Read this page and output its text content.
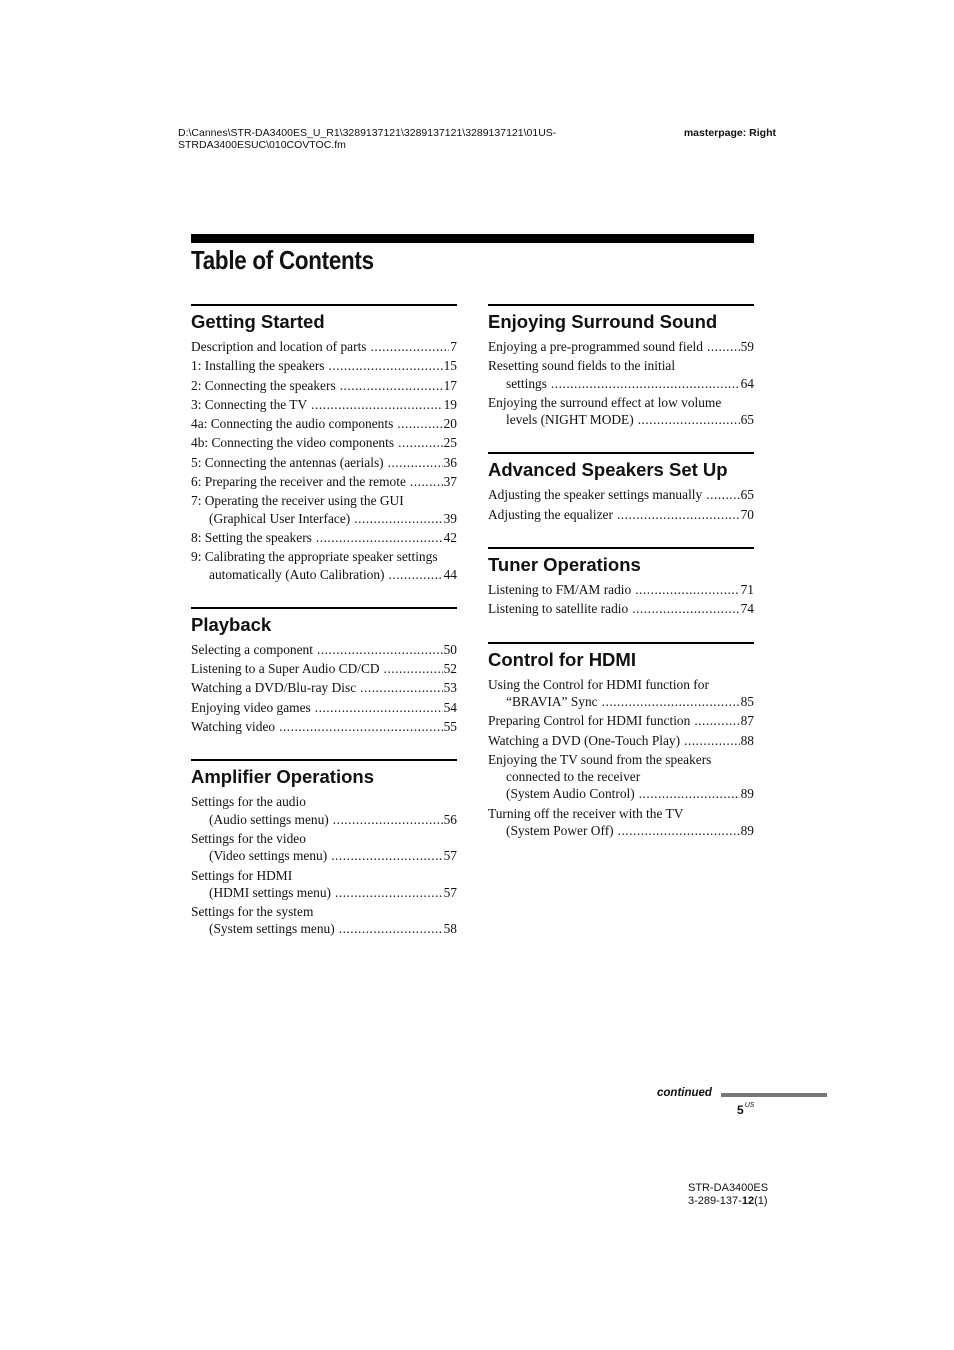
D:\Cannes\STR-DA3400ES_U_R1\3289137121\3289137121\3289137121\01US-
STRDA3400ESUC\010COVTOC.fm
masterpage: Right
Table of Contents
Getting Started
Description and location of parts .....	7
1: Installing the speakers .....	15
2: Connecting the speakers .....	17
3: Connecting the TV .....	19
4a: Connecting the audio components .....	20
4b: Connecting the video components .....	25
5: Connecting the antennas (aerials) .....	36
6: Preparing the receiver and the remote .....	37
7: Operating the receiver using the GUI
(Graphical User Interface) .....	39
8: Setting the speakers .....	42
9: Calibrating the appropriate speaker settings
automatically (Auto Calibration) .....	44
Playback
Selecting a component .....	50
Listening to a Super Audio CD/CD .....	52
Watching a DVD/Blu-ray Disc .....	53
Enjoying video games .....	54
Watching video .....	55
Amplifier Operations
Settings for the audio
(Audio settings menu) .....	56
Settings for the video
(Video settings menu) .....	57
Settings for HDMI
(HDMI settings menu) .....	57
Settings for the system
(System settings menu) .....	58
Enjoying Surround Sound
Enjoying a pre-programmed sound field .....	59
Resetting sound fields to the initial
settings .....	64
Enjoying the surround effect at low volume
levels (NIGHT MODE) .....	65
Advanced Speakers Set Up
Adjusting the speaker settings manually .....	65
Adjusting the equalizer .....	70
Tuner Operations
Listening to FM/AM radio .....	71
Listening to satellite radio .....	74
Control for HDMI
Using the Control for HDMI function for
“BRAVIA” Sync .....	85
Preparing Control for HDMI function .....	87
Watching a DVD (One-Touch Play) .....	88
Enjoying the TV sound from the speakers
connected to the receiver
(System Audio Control) .....	89
Turning off the receiver with the TV
(System Power Off) .....	89
continued
$5^{US}$
STR-DA3400ES
3-289-137-12(1)
